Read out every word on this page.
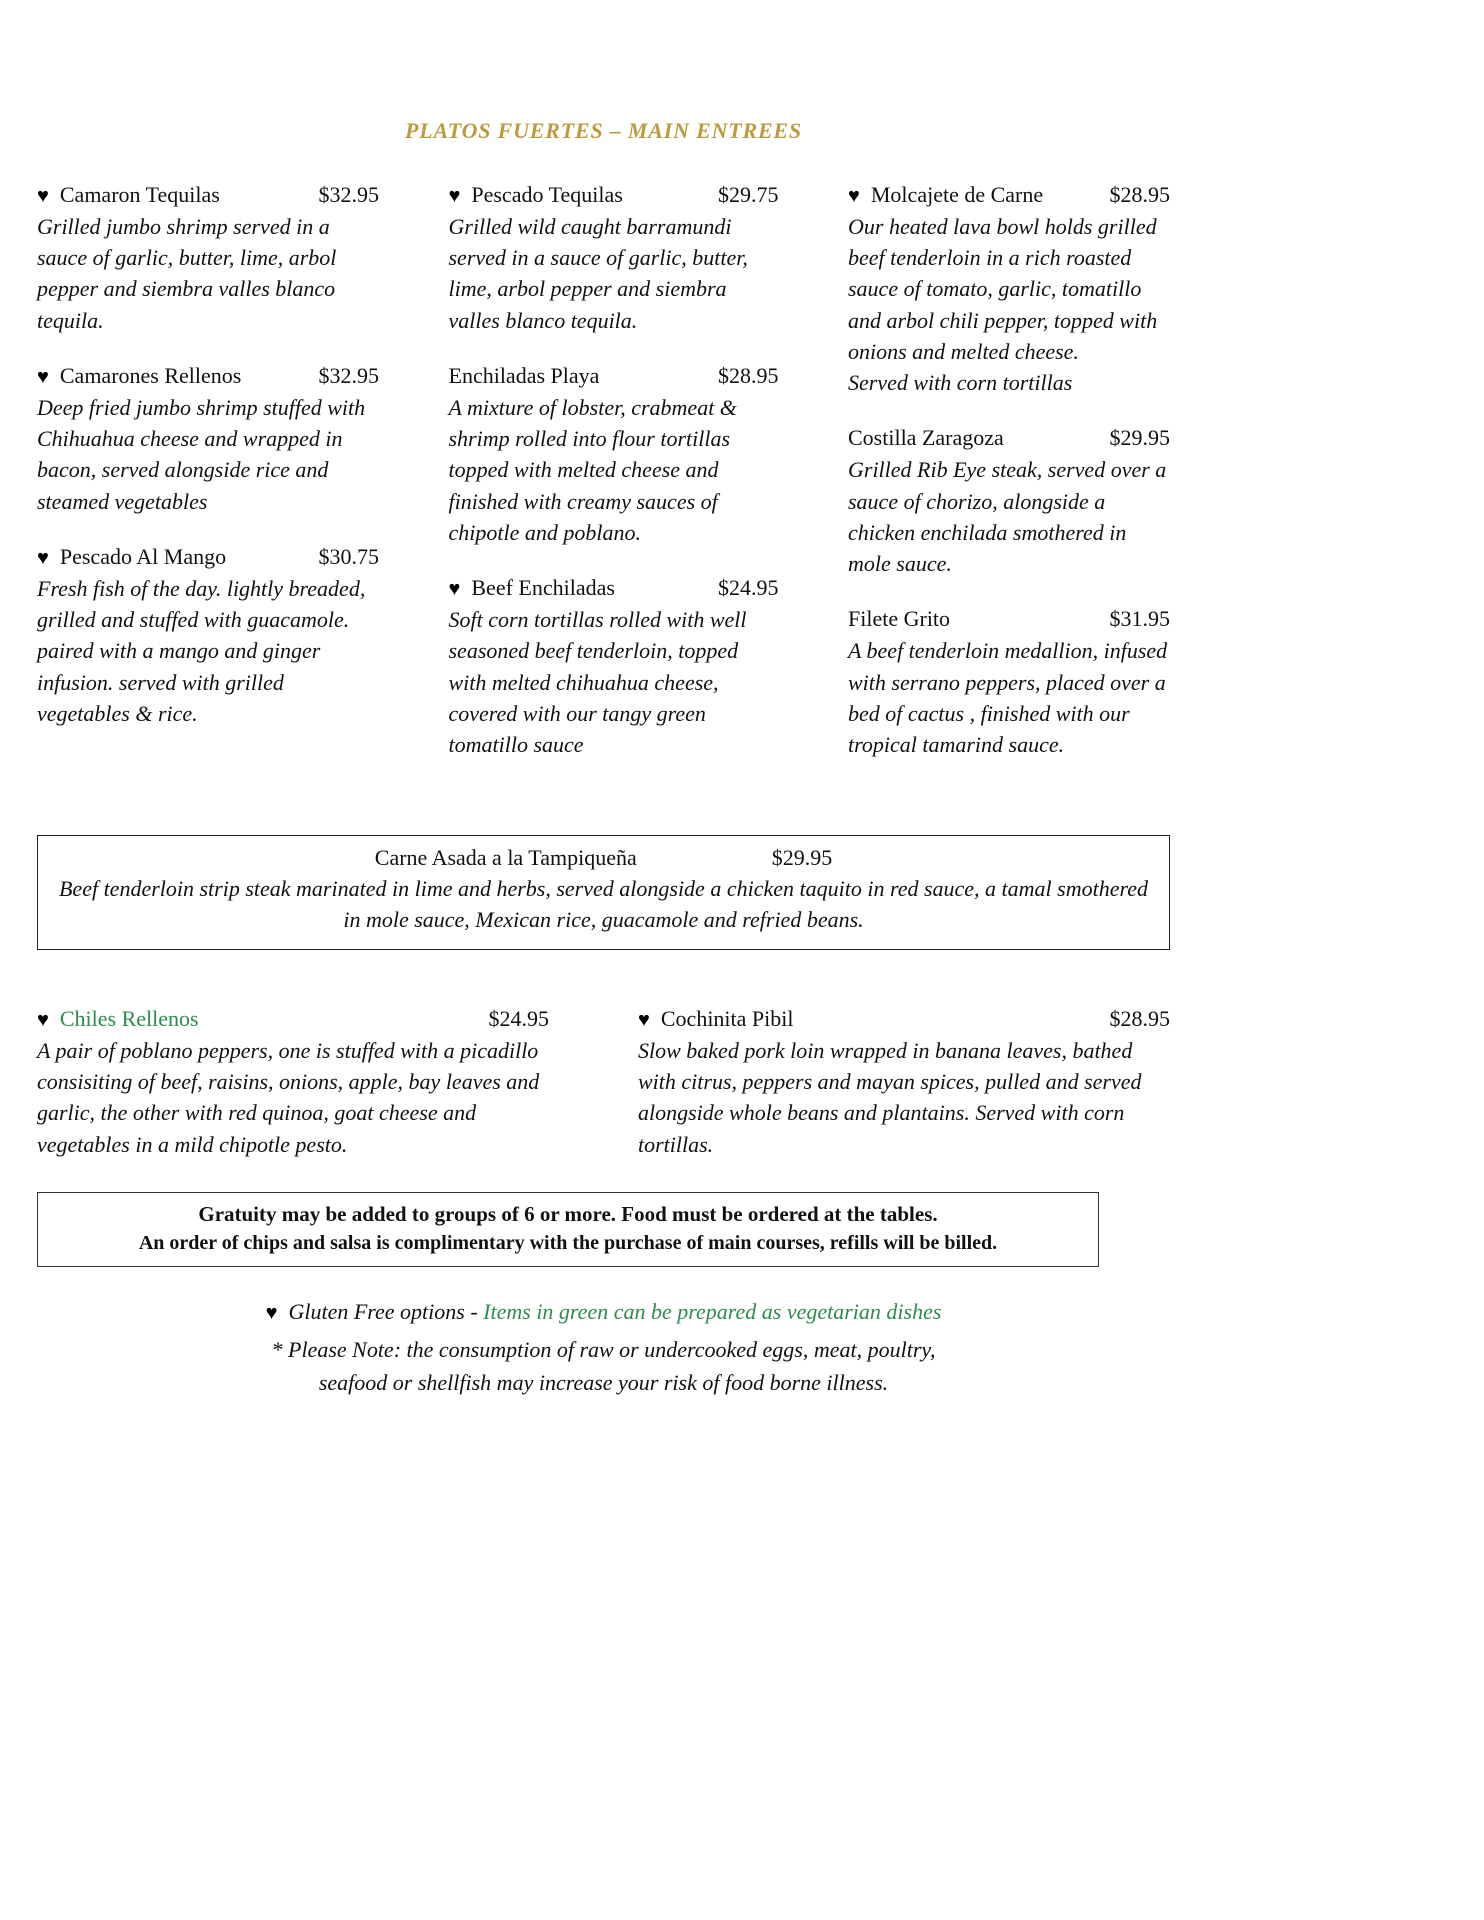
PLATOS FUERTES – MAIN ENTREES
♥ Camaron Tequilas	$32.95
Grilled jumbo shrimp served in a sauce of garlic, butter, lime, arbol pepper and siembra valles blanco tequila.
♥ Camarones Rellenos	$32.95
Deep fried jumbo shrimp stuffed with Chihuahua cheese and wrapped in bacon, served alongside rice and steamed vegetables
♥ Pescado Al Mango	$30.75
Fresh fish of the day. lightly breaded, grilled and stuffed with guacamole. paired with a mango and ginger infusion. served with grilled vegetables & rice.
♥ Pescado Tequilas	$29.75
Grilled wild caught barramundi served in a sauce of garlic, butter, lime, arbol pepper and siembra valles blanco tequila.
Enchiladas Playa	$28.95
A mixture of lobster, crabmeat & shrimp rolled into flour tortillas topped with melted cheese and finished with creamy sauces of chipotle and poblano.
♥ Beef Enchiladas	$24.95
Soft corn tortillas rolled with well seasoned beef tenderloin, topped with melted chihuahua cheese, covered with our tangy green tomatillo sauce
♥ Molcajete de Carne	$28.95
Our heated lava bowl holds grilled beef tenderloin in a rich roasted sauce of tomato, garlic, tomatillo and arbol chili pepper, topped with onions and melted cheese.
Served with corn tortillas
Costilla Zaragoza	$29.95
Grilled Rib Eye steak, served over a sauce of chorizo, alongside a chicken enchilada smothered in mole sauce.
Filete Grito	$31.95
A beef tenderloin medallion, infused with serrano peppers, placed over a bed of cactus , finished with our tropical tamarind sauce.
Carne Asada a la Tampiqueña	$29.95
Beef tenderloin strip steak marinated in lime and herbs, served alongside a chicken taquito in red sauce, a tamal smothered in mole sauce, Mexican rice, guacamole and refried beans.
♥ Chiles Rellenos	$24.95
A pair of poblano peppers, one is stuffed with a picadillo consisiting of beef, raisins, onions, apple, bay leaves and garlic, the other with red quinoa, goat cheese and vegetables in a mild chipotle pesto.
♥ Cochinita Pibil	$28.95
Slow baked pork loin wrapped in banana leaves, bathed with citrus, peppers and mayan spices, pulled and served alongside whole beans and plantains. Served with corn tortillas.
Gratuity may be added to groups of 6 or more. Food must be ordered at the tables.
An order of chips and salsa is complimentary with the purchase of main courses, refills will be billed.
♥ Gluten Free options - Items in green can be prepared as vegetarian dishes
* Please Note: the consumption of raw or undercooked eggs, meat, poultry,
seafood or shellfish may increase your risk of food borne illness.
